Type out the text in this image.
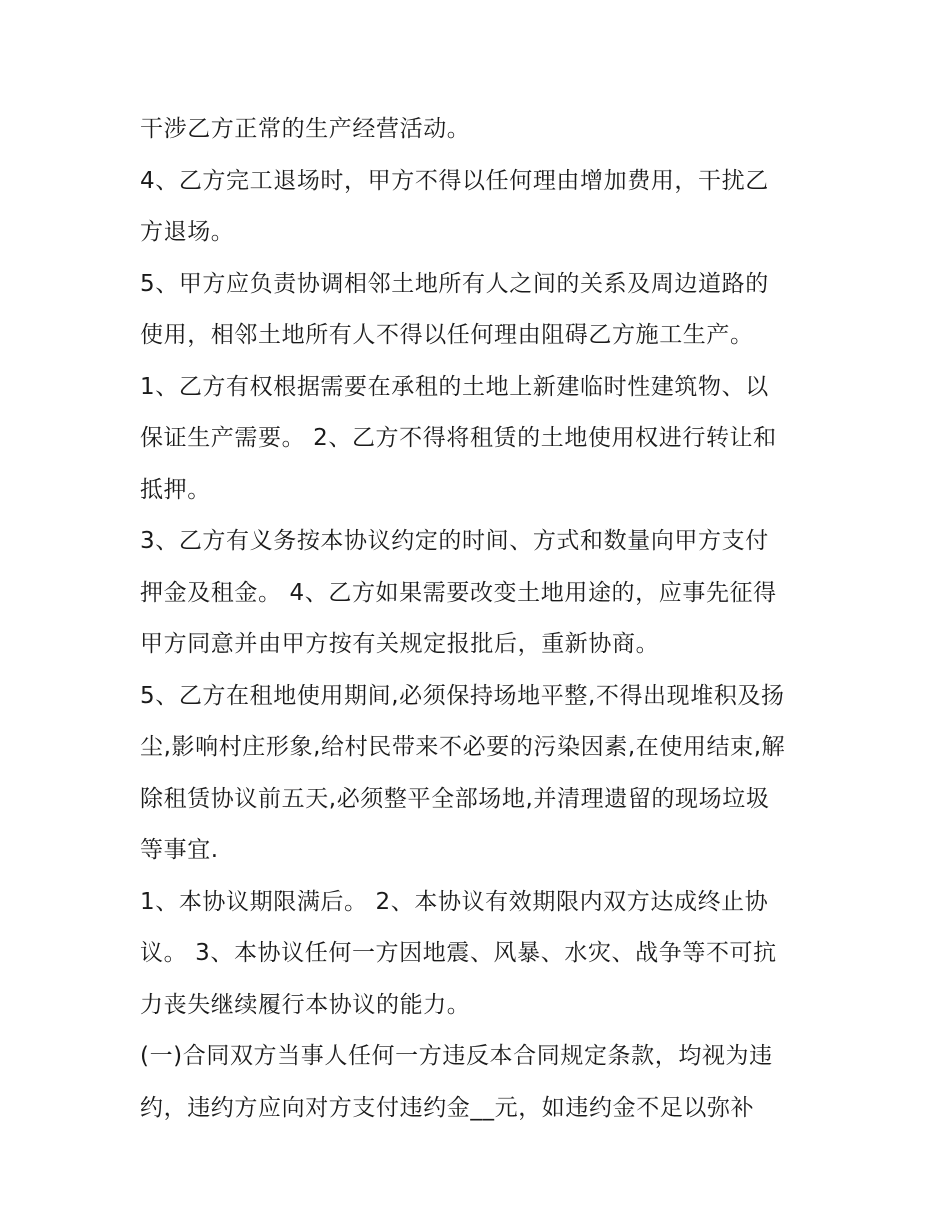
干涉乙方正常的生产经营活动。
4、乙方完工退场时，甲方不得以任何理由增加费用，干扰乙
方退场。
5、甲方应负责协调相邻土地所有人之间的关系及周边道路的
使用，相邻土地所有人不得以任何理由阻碍乙方施工生产。
1、乙方有权根据需要在承租的土地上新建临时性建筑物、以
保证生产需要。 2、乙方不得将租赁的土地使用权进行转让和
抵押。
3、乙方有义务按本协议约定的时间、方式和数量向甲方支付
押金及租金。 4、乙方如果需要改变土地用途的，应事先征得
甲方同意并由甲方按有关规定报批后，重新协商。
5、乙方在租地使用期间,必须保持场地平整,不得出现堆积及扬
尘,影响村庄形象,给村民带来不必要的污染因素,在使用结束,解
除租赁协议前五天,必须整平全部场地,并清理遗留的现场垃圾
等事宜.
1、本协议期限满后。 2、本协议有效期限内双方达成终止协
议。 3、本协议任何一方因地震、风暴、水灾、战争等不可抗
力丧失继续履行本协议的能力。
(一)合同双方当事人任何一方违反本合同规定条款，均视为违
约，违约方应向对方支付违约金__元，如违约金不足以弥补
